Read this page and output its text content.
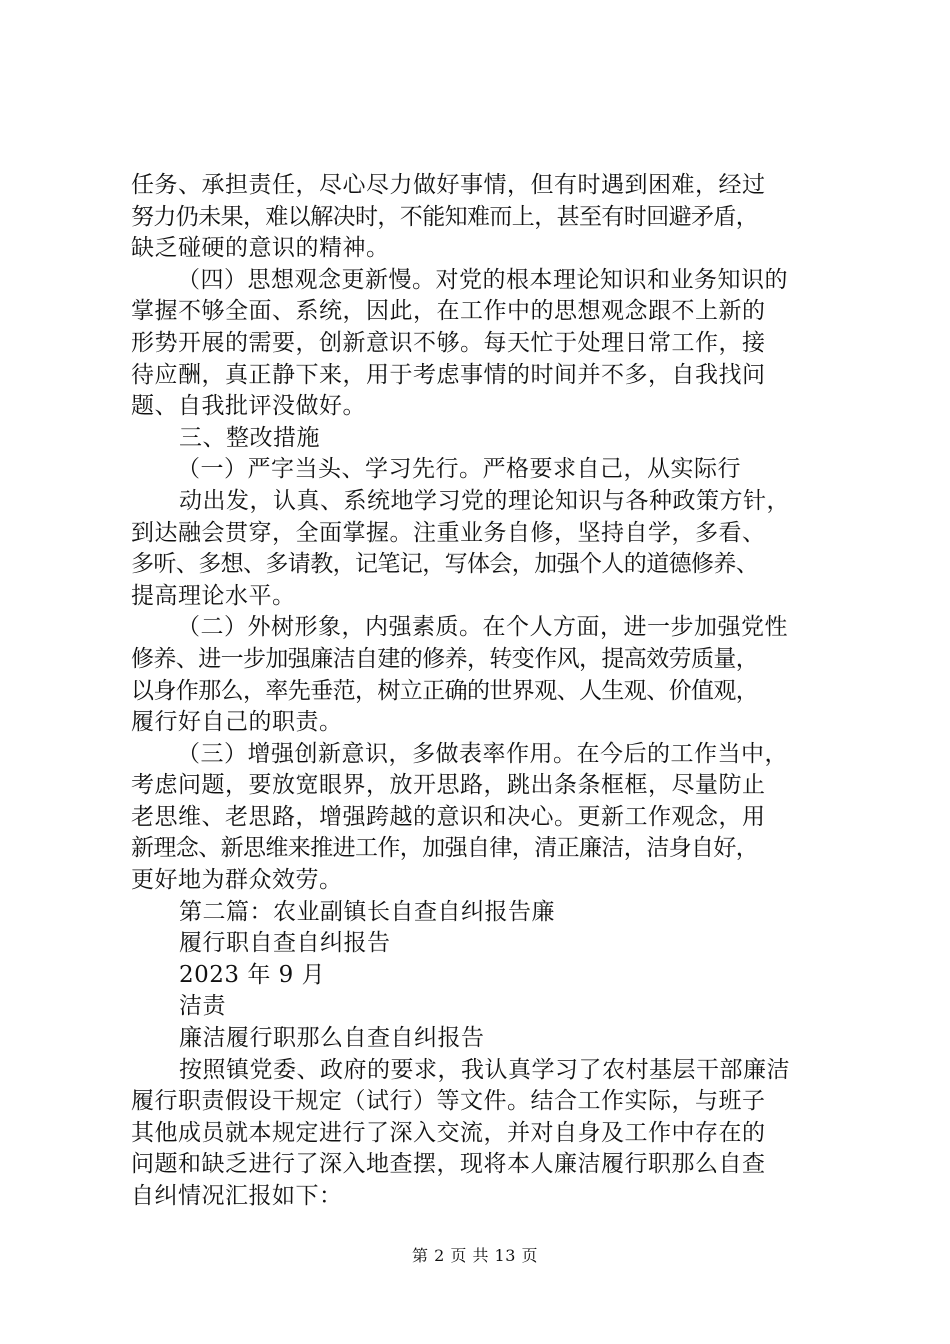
任务、承担责任，尽心尽力做好事情，但有时遇到困难，经过
努力仍未果，难以解决时，不能知难而上，甚至有时回避矛盾，
缺乏碰硬的意识的精神。
（四）思想观念更新慢。对党的根本理论知识和业务知识的
掌握不够全面、系统，因此，在工作中的思想观念跟不上新的
形势开展的需要，创新意识不够。每天忙于处理日常工作，接
待应酬，真正静下来，用于考虑事情的时间并不多，自我找问
题、自我批评没做好。
三、整改措施
（一）严字当头、学习先行。严格要求自己，从实际行
动出发，认真、系统地学习党的理论知识与各种政策方针，
到达融会贯穿，全面掌握。注重业务自修，坚持自学，多看、
多听、多想、多请教，记笔记，写体会，加强个人的道德修养、
提高理论水平。
（二）外树形象，内强素质。在个人方面，进一步加强党性
修养、进一步加强廉洁自建的修养，转变作风，提高效劳质量，
以身作那么，率先垂范，树立正确的世界观、人生观、价值观，
履行好自己的职责。
（三）增强创新意识，多做表率作用。在今后的工作当中，
考虑问题，要放宽眼界，放开思路，跳出条条框框，尽量防止
老思维、老思路，增强跨越的意识和决心。更新工作观念，用
新理念、新思维来推进工作，加强自律，清正廉洁，洁身自好，
更好地为群众效劳。
第二篇：农业副镇长自查自纠报告廉
履行职自查自纠报告
2023 年 9 月
洁责
廉洁履行职那么自查自纠报告
按照镇党委、政府的要求，我认真学习了农村基层干部廉洁
履行职责假设干规定（试行）等文件。结合工作实际，与班子
其他成员就本规定进行了深入交流，并对自身及工作中存在的
问题和缺乏进行了深入地查摆，现将本人廉洁履行职那么自查
自纠情况汇报如下：
第 2 页 共 13 页
